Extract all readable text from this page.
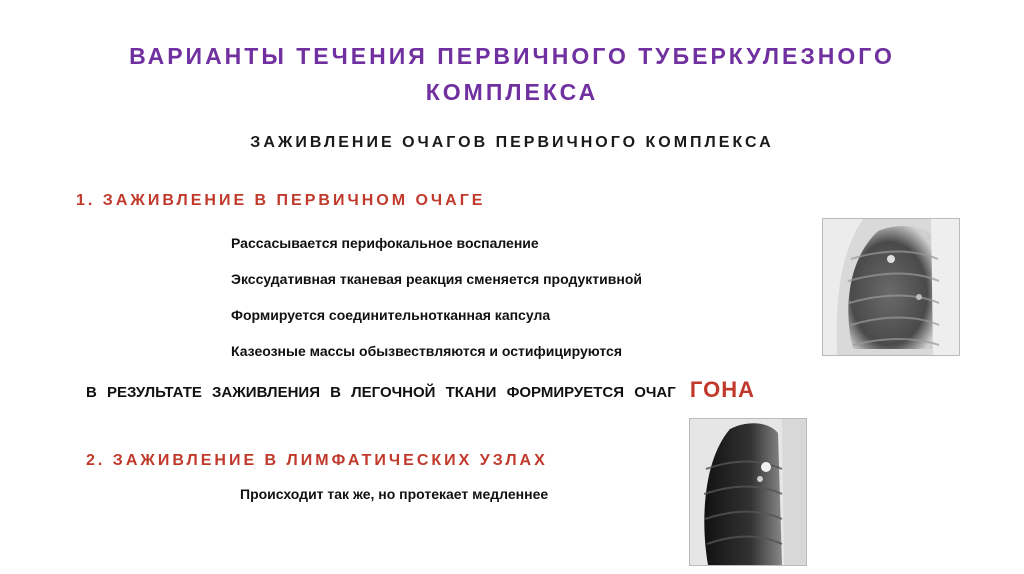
ВАРИАНТЫ ТЕЧЕНИЯ ПЕРВИЧНОГО ТУБЕРКУЛЕЗНОГО
КОМПЛЕКСА
ЗАЖИВЛЕНИЕ ОЧАГОВ ПЕРВИЧНОГО КОМПЛЕКСА
1. ЗАЖИВЛЕНИЕ В ПЕРВИЧНОМ ОЧАГЕ
Рассасывается перифокальное воспаление
Экссудативная тканевая реакция сменяется продуктивной
Формируется соединительнотканная капсула
Казеозные массы обызвествляются и остифицируются
В РЕЗУЛЬТАТЕ ЗАЖИВЛЕНИЯ В ЛЕГОЧНОЙ ТКАНИ ФОРМИРУЕТСЯ ОЧАГ ГОНА
2. ЗАЖИВЛЕНИЕ В ЛИМФАТИЧЕСКИХ УЗЛАХ
Происходит так же, но протекает медленнее
